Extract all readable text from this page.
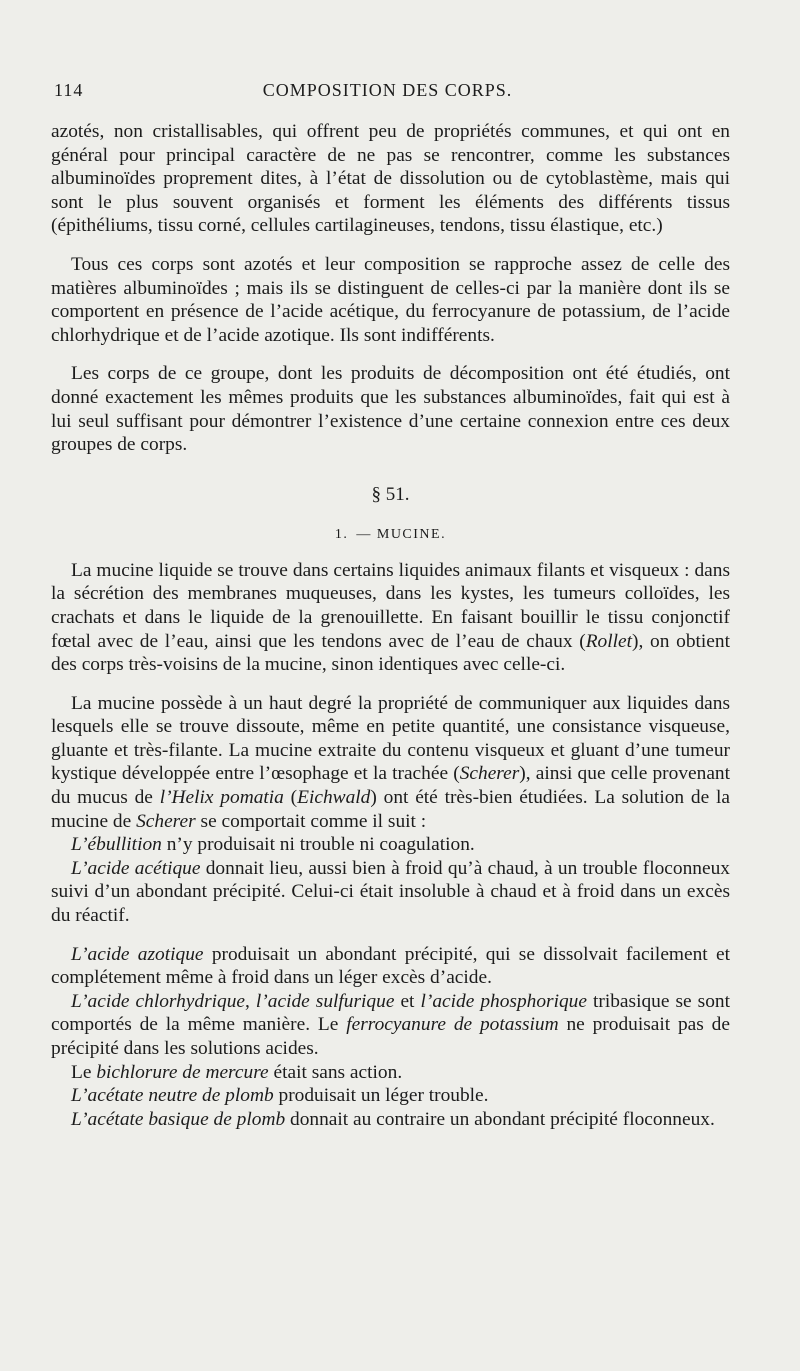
114	COMPOSITION DES CORPS.

azotés, non cristallisables, qui offrent peu de propriétés communes, et qui ont en général pour principal caractère de ne pas se rencontrer, comme les substances albuminoïdes proprement dites, à l’état de dissolution ou de cytoblastème, mais qui sont le plus souvent organisés et forment les éléments des différents tissus (épithéliums, tissu corné, cellules cartilagineuses, tendons, tissu élastique, etc.)

Tous ces corps sont azotés et leur composition se rapproche assez de celle des matières albuminoïdes ; mais ils se distinguent de celles-ci par la manière dont ils se comportent en présence de l’acide acétique, du ferrocyanure de potassium, de l’acide chlorhydrique et de l’acide azotique. Ils sont indifférents.

Les corps de ce groupe, dont les produits de décomposition ont été étudiés, ont donné exactement les mêmes produits que les substances albuminoïdes, fait qui est à lui seul suffisant pour démontrer l’existence d’une certaine connexion entre ces deux groupes de corps.

§ 51.
1. — MUCINE.

La mucine liquide se trouve dans certains liquides animaux filants et visqueux : dans la sécrétion des membranes muqueuses, dans les kystes, les tumeurs colloïdes, les crachats et dans le liquide de la grenouillette. En faisant bouillir le tissu conjonctif fœtal avec de l’eau, ainsi que les tendons avec de l’eau de chaux (Rollet), on obtient des corps très-voisins de la mucine, sinon identiques avec celle-ci.

La mucine possède à un haut degré la propriété de communiquer aux liquides dans lesquels elle se trouve dissoute, même en petite quantité, une consistance visqueuse, gluante et très-filante. La mucine extraite du contenu visqueux et gluant d’une tumeur kystique développée entre l’œsophage et la trachée (Scherer), ainsi que celle provenant du mucus de l’Helix pomatia (Eichwald) ont été très-bien étudiées. La solution de la mucine de Scherer se comportait comme il suit :

L’ébullition n’y produisait ni trouble ni coagulation.

L’acide acétique donnait lieu, aussi bien à froid qu’à chaud, à un trouble floconneux suivi d’un abondant précipité. Celui-ci était insoluble à chaud et à froid dans un excès du réactif.

L’acide azotique produisait un abondant précipité, qui se dissolvait facilement et complétement même à froid dans un léger excès d’acide.

L’acide chlorhydrique, l’acide sulfurique et l’acide phosphorique tribasique se sont comportés de la même manière. Le ferrocyanure de potassium ne produisait pas de précipité dans les solutions acides.

Le bichlorure de mercure était sans action.

L’acétate neutre de plomb produisait un léger trouble.

L’acétate basique de plomb donnait au contraire un abondant précipité floconneux.
